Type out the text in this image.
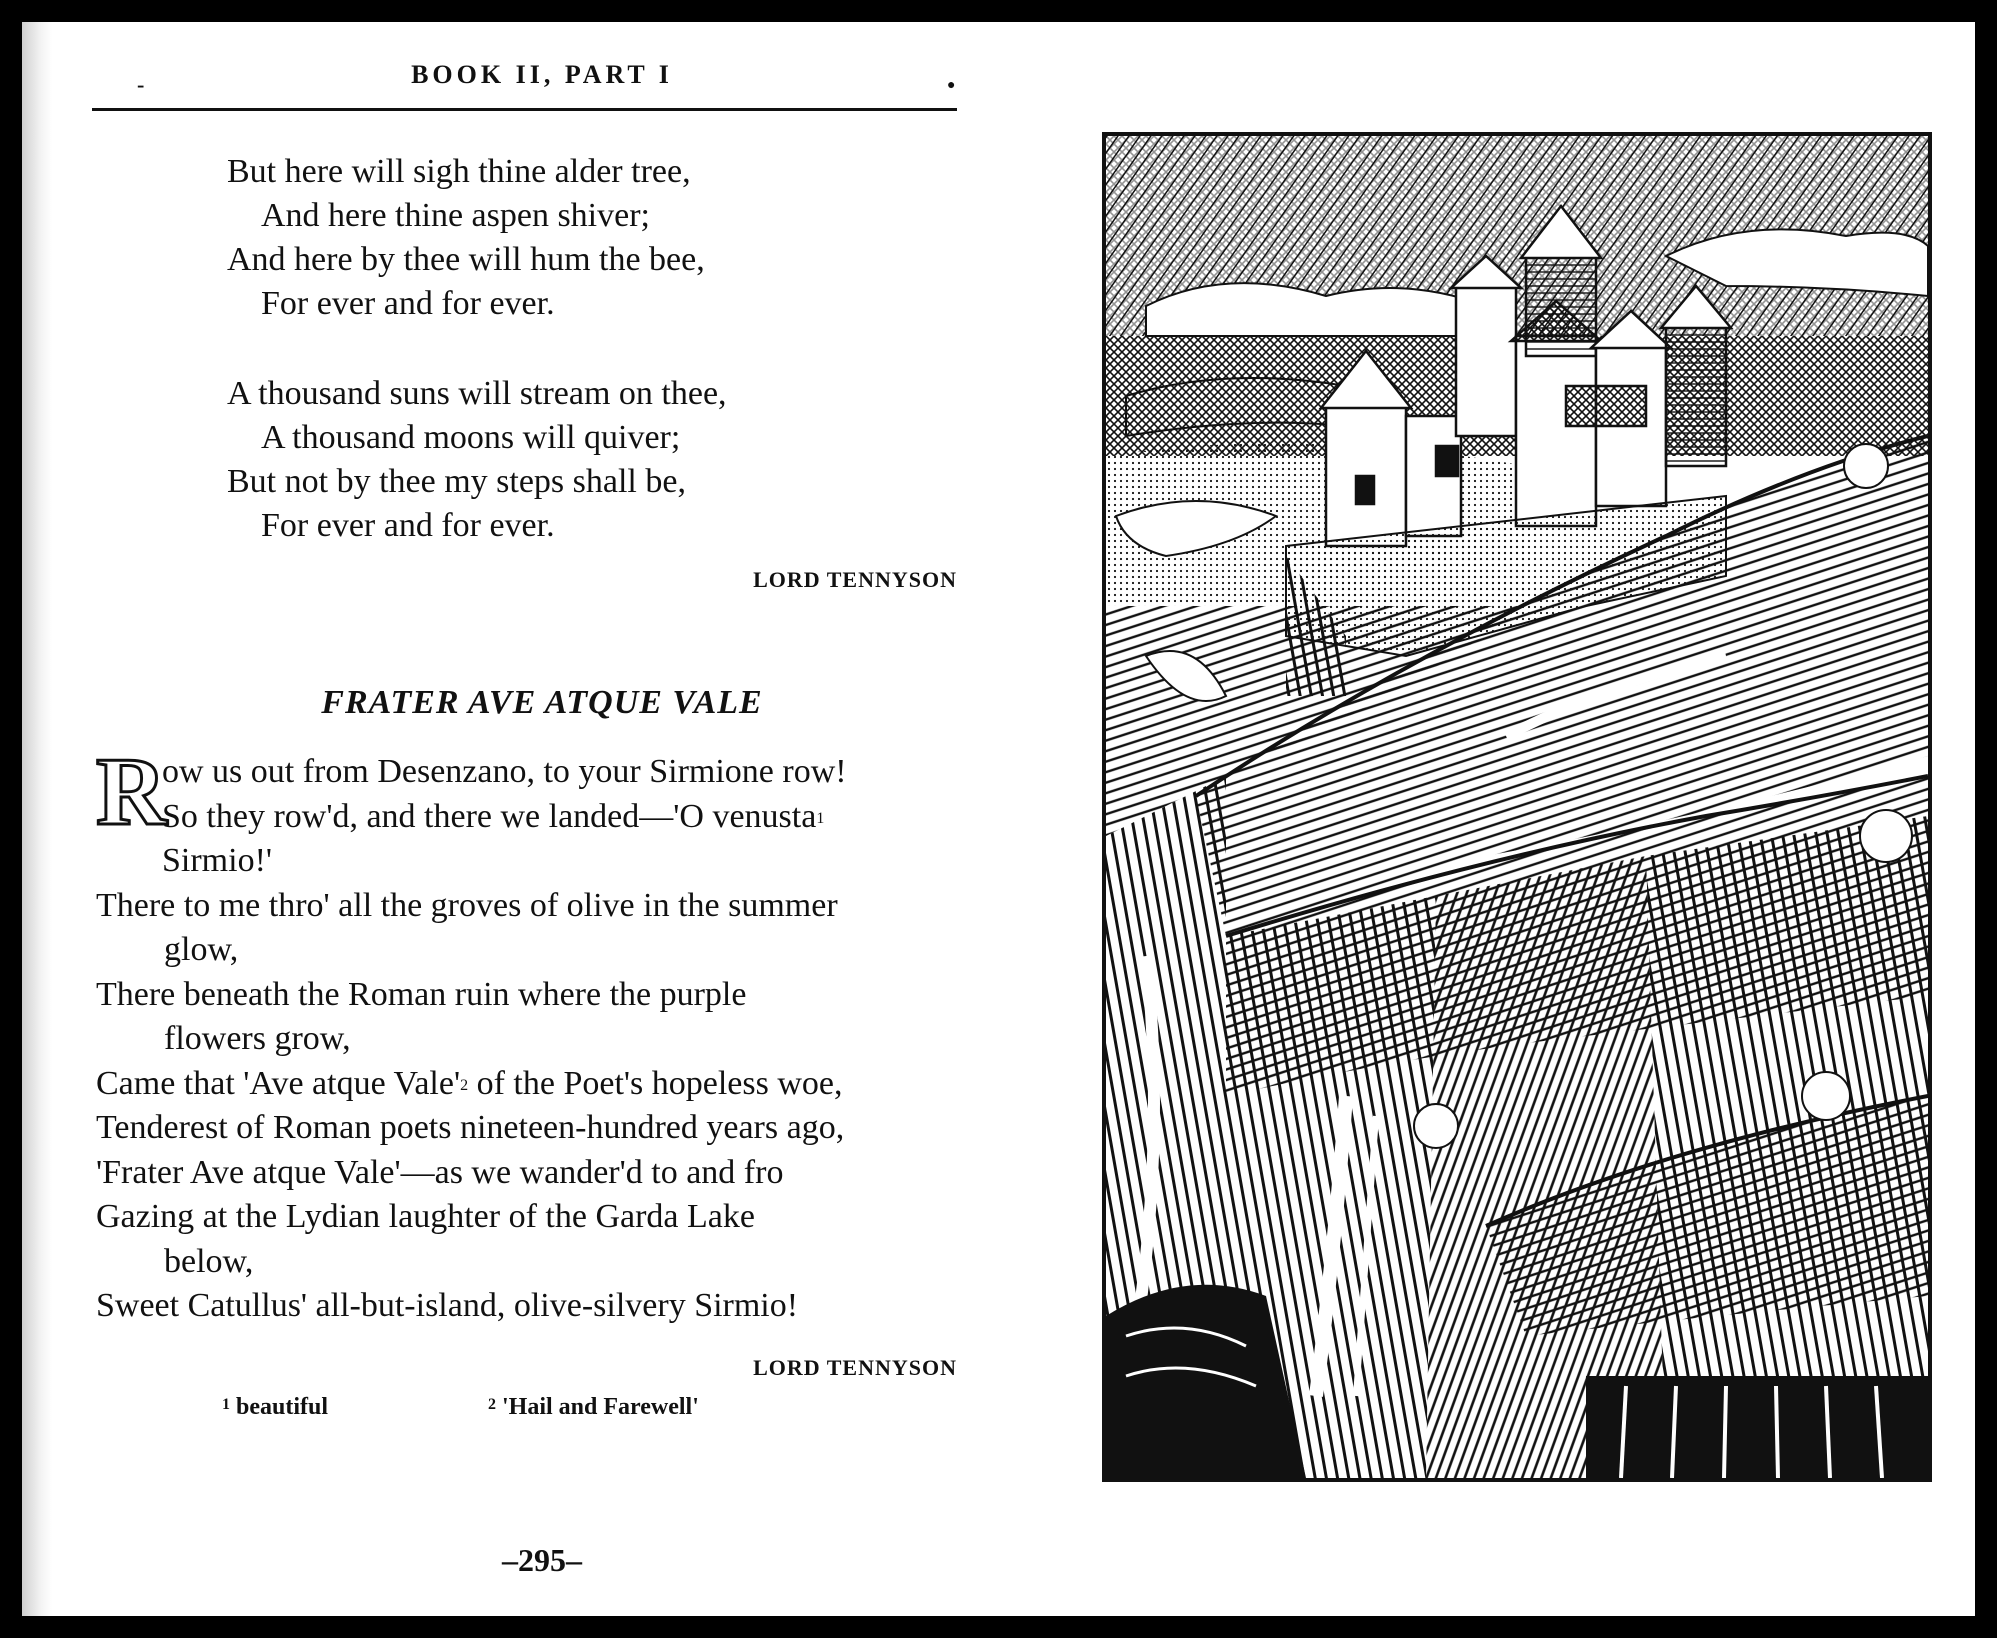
-	BOOK II, PART I	●
But here will sigh thine alder tree,
And here thine aspen shiver;
And here by thee will hum the bee,
For ever and for ever.
A thousand suns will stream on thee,
A thousand moons will quiver;
But not by thee my steps shall be,
For ever and for ever.
LORD TENNYSON
FRATER AVE ATQUE VALE
R
ow us out from Desenzano, to your Sirmione row!
So they row'd, and there we landed—'O venusta$^1$
Sirmio!'
There to me thro' all the groves of olive in the summer
glow,
There beneath the Roman ruin where the purple
flowers grow,
Came that 'Ave atque $Vale'^2$ of the Poet's hopeless woe,
Tenderest of Roman poets nineteen-hundred years ago,
'Frater Ave atque Vale'—as we wander'd to and fro
Gazing at the Lydian laughter of the Garda Lake
below,
Sweet Catullus' all-but-island, olive-silvery Sirmio!
LORD TENNYSON
$^1$ beautiful	$^2$ 'Hail and Farewell'
–295–
